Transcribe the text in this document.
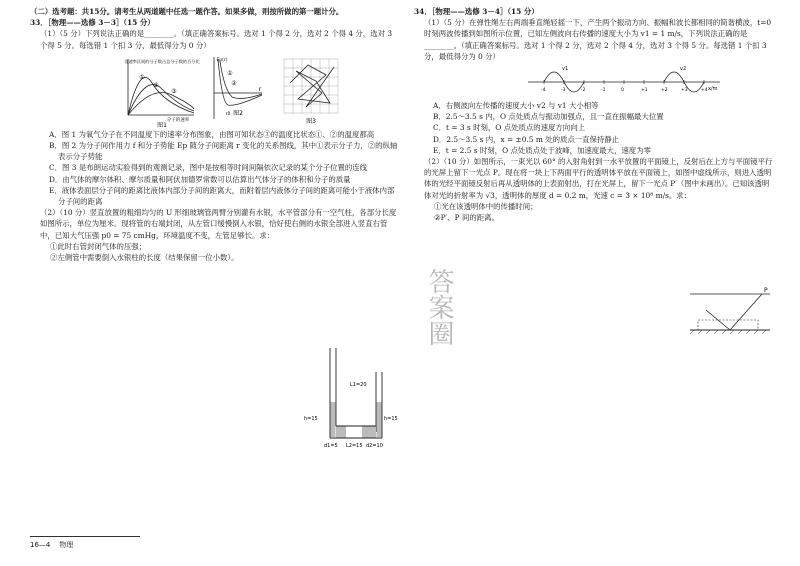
（二）选考题：共15分。请考生从两道题中任选一题作答。如果多做，则按所做的第一题计分。

33．［物理——选修 3－3］（15 分）

（1）（5 分）下列说法正确的是________。（填正确答案标号。选对 1 个得 2 分，选对 2 个得 4 分，选对 3 个得 5 分。每选错 1 个扣 3 分，最低得分为 0 分）

各速率区间的分子数占总分子数的百分比
①
②
③
分子的速率
图1
Ep(r)
①
②
r
r0 图2
图3

A．图 1 为氧气分子在不同温度下的速率分布图象，由图可知状态③的温度比状态①、②的温度都高

B．图 2 为分子间作用力 f 和分子势能 Ep 随分子间距离 r 变化的关系图线，其中①表示分子力，②的纵轴表示分子势能

C．图 3 是布朗运动实验得到的观测记录，图中是按相等时间间隔依次记录的某个分子位置的连线

D．由气体的摩尔体积、摩尔质量和阿伏加德罗常数可以估算出气体分子的体积和分子的质量

E．液体表面层分子间的距离比液体内部分子间的距离大，而附着层内液体分子间的距离可能小于液体内部分子间的距离

（2）（10 分）竖直放置的粗细均匀的 U 形细玻璃管两臂分别灌有水银，水平管部分有一空气柱，各部分长度如图所示，单位为厘米。现将管的右端封闭，从左管口缓慢倒入水银，恰好使右侧的水银全部进入竖直右管中，已知大气压强 p0 = 75 cmHg，环境温度不变，左管足够长。求：

①此时右管封闭气体的压强；

②左侧管中需要倒入水银柱的长度（结果保留一位小数）。

L1=20
h=15	h=15
d1=5 L2=15 d2=10

34．［物理——选修 3－4］（15 分）

（1）（5 分）在弹性绳左右两端垂直绳轻摇一下，产生两个振动方向、振幅和波长都相同的简谐横波，t=0 时刻两波传播到如图所示位置，已知左侧波向右传播的速度大小为 v1 = 1 m/s，下列说法正确的是________。（填正确答案标号。选对 1 个得 2 分，选对 2 个得 4 分，选对 3 个得 5 分。每选错 1 个扣 3 分，最低得分为 0 分）

v1	v2
x/m
-4	-3	-2	-1	0	+1	+2	+3	+4

A．右侧波向左传播的速度大小 v2 与 v1 大小相等

B．2.5～3.5 s 内，O 点处质点与振动加强点，且一直在振幅最大位置

C．t = 3 s 时刻，O 点处质点的速度方向向上

D．2.5～3.5 s 内，x = ±0.5 m 处的质点一直保持静止

E．t = 2.5 s 时刻，O 点处质点处于波峰，加速度最大，速度为零

（2）（10 分）如图所示，一束光以 60° 的入射角射到一水平放置的平面镜上，反射后在上方与平面镜平行的光屏上留下一光点 P。现在将一块上下两面平行的透明体平放在平面镜上，如图中虚线所示，则进入透明体的光经平面镜反射后再从透明体的上表面射出，打在光屏上，留下一光点 P′（图中未画出）。已知该透明体对光的折射率为 √3，透明体的厚度 d = 0.2 m，光速 c = 3 × 10⁸ m/s。求：

①光在该透明体中的传播时间；

②P′、P 间的距离。

P
答案圈
16—4 物理
